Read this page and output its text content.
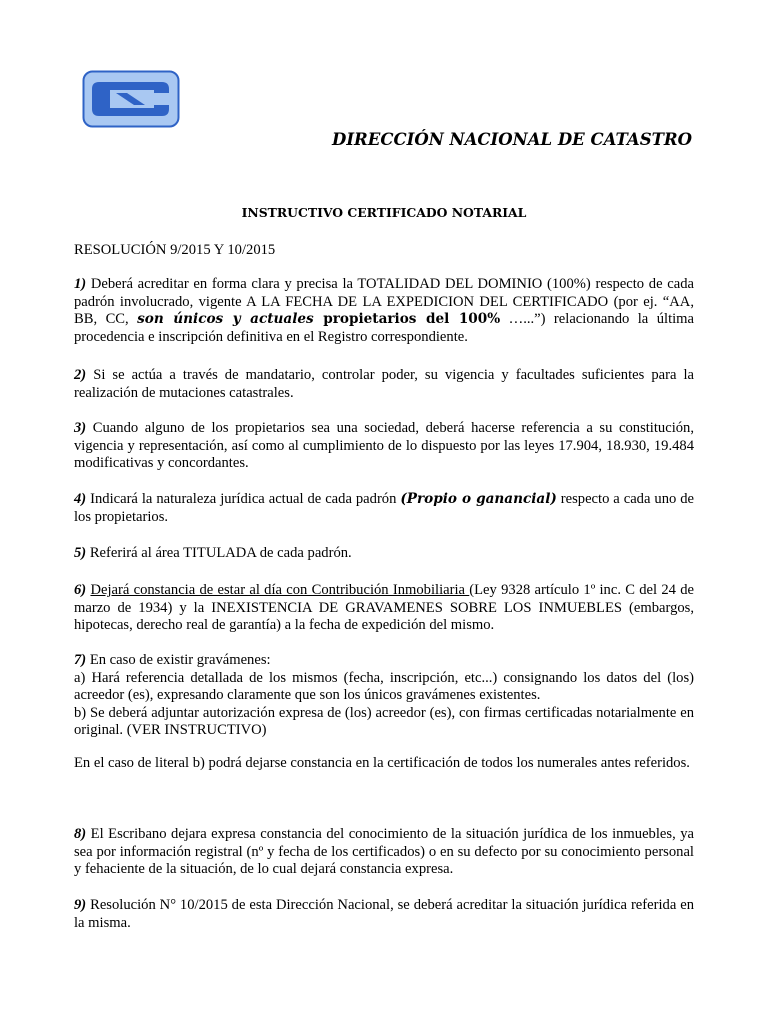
DIRECCIÓN NACIONAL DE CATASTRO
INSTRUCTIVO CERTIFICADO NOTARIAL
RESOLUCIÓN 9/2015 Y 10/2015
1) Deberá acreditar en forma clara y precisa la TOTALIDAD DEL DOMINIO (100%) respecto de cada padrón involucrado, vigente A LA FECHA DE LA EXPEDICION DEL CERTIFICADO (por ej. “AA, BB, CC, son únicos y actuales propietarios del 100% …...”) relacionando la última procedencia e inscripción definitiva en el Registro correspondiente.
2) Si se actúa a través de mandatario, controlar poder, su vigencia y facultades suficientes para la realización de mutaciones catastrales.
3) Cuando alguno de los propietarios sea una sociedad, deberá hacerse referencia a su constitución, vigencia y representación, así como al cumplimiento de lo dispuesto por las leyes 17.904, 18.930, 19.484 modificativas y concordantes.
4) Indicará la naturaleza jurídica actual de cada padrón (Propio o ganancial) respecto a cada uno de los propietarios.
5) Referirá al área TITULADA de cada padrón.
6) Dejará constancia de estar al día con Contribución Inmobiliaria (Ley 9328 artículo 1º inc. C del 24 de marzo de 1934) y la INEXISTENCIA DE GRAVAMENES SOBRE LOS INMUEBLES (embargos, hipotecas, derecho real de garantía) a la fecha de expedición del mismo.
7) En caso de existir gravámenes:
a) Hará referencia detallada de los mismos (fecha, inscripción, etc...) consignando los datos del (los) acreedor (es), expresando claramente que son los únicos gravámenes existentes.
b) Se deberá adjuntar autorización expresa de (los) acreedor (es), con firmas certificadas notarialmente en original. (VER INSTRUCTIVO)
En el caso de literal b) podrá dejarse constancia en la certificación de todos los numerales antes referidos.
8) El Escribano dejara expresa constancia del conocimiento de la situación jurídica de los inmuebles, ya sea por información registral (nº y fecha de los certificados) o en su defecto por su conocimiento personal y fehaciente de la situación, de lo cual dejará constancia expresa.
9) Resolución N° 10/2015 de esta Dirección Nacional, se deberá acreditar la situación jurídica referida en la misma.
